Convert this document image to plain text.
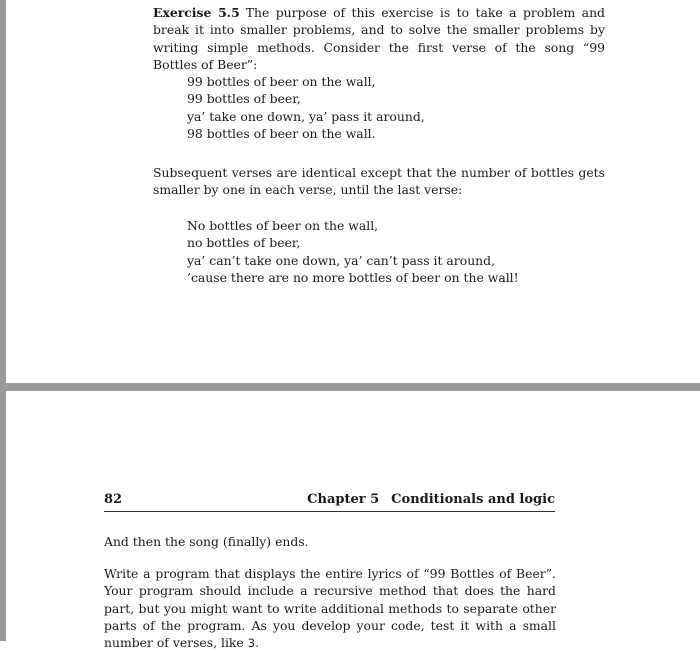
Exercise 5.5 The purpose of this exercise is to take a problem and break it into smaller problems, and to solve the smaller problems by writing simple methods. Consider the first verse of the song “99 Bottles of Beer”:

99 bottles of beer on the wall,
99 bottles of beer,
ya’ take one down, ya’ pass it around,
98 bottles of beer on the wall.

Subsequent verses are identical except that the number of bottles gets smaller by one in each verse, until the last verse:

No bottles of beer on the wall,
no bottles of beer,
ya’ can’t take one down, ya’ can’t pass it around,
’cause there are no more bottles of beer on the wall!
82	Chapter 5 Conditionals and logic

And then the song (finally) ends.

Write a program that displays the entire lyrics of “99 Bottles of Beer”. Your program should include a recursive method that does the hard part, but you might want to write additional methods to separate other parts of the program. As you develop your code, test it with a small number of verses, like 3.
